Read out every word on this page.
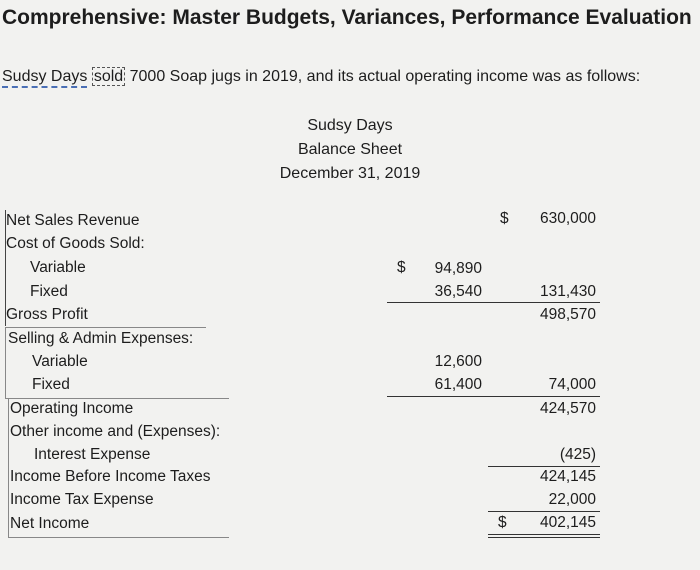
Comprehensive: Master Budgets, Variances, Performance Evaluation
Sudsy Days sold 7000 Soap jugs in 2019, and its actual operating income was as follows:
Sudsy Days
Balance Sheet
December 31, 2019
Net Sales Revenue	$ 630,000
Cost of Goods Sold:
Variable	$ 94,890
Fixed	36,540	131,430
Gross Profit	498,570
Selling & Admin Expenses:
Variable	12,600
Fixed	61,400	74,000
Operating Income	424,570
Other income and (Expenses):
Interest Expense	(425)
Income Before Income Taxes	424,145
Income Tax Expense	22,000
Net Income	$ 402,145
